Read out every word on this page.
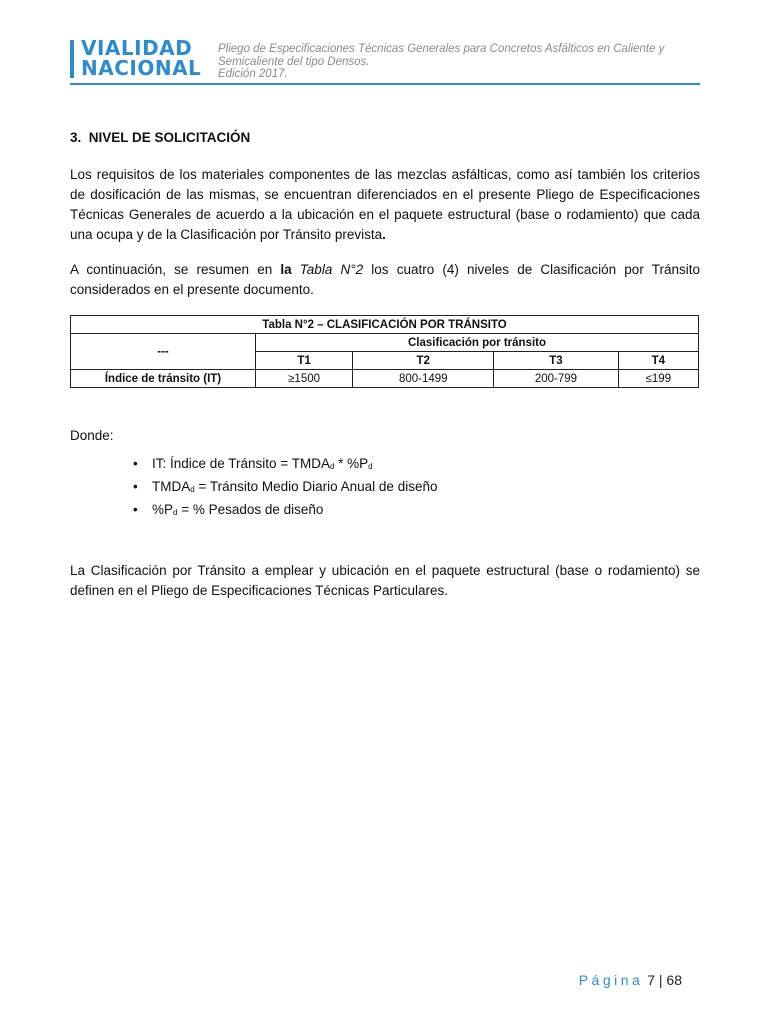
VIALIDAD
NACIONAL
Pliego de Especificaciones Técnicas Generales para Concretos Asfálticos en Caliente y
Semicaliente del tipo Densos.
Edición 2017.
3. NIVEL DE SOLICITACIÓN

Los requisitos de los materiales componentes de las mezclas asfálticas, como así también los criterios de dosificación de las mismas, se encuentran diferenciados en el presente Pliego de Especificaciones Técnicas Generales de acuerdo a la ubicación en el paquete estructural (base o rodamiento) que cada una ocupa y de la Clasificación por Tránsito prevista.

A continuación, se resumen en la Tabla N°2 los cuatro (4) niveles de Clasificación por Tránsito considerados en el presente documento.

Tabla N°2 – CLASIFICACIÓN POR TRÁNSITO				
---	Clasificación por tránsito			
	T1	T2	T3	T4
Índice de tránsito (IT)	≥1500	800-1499	200-799	≤199
Donde:
• IT: Índice de Tránsito = $TMDA_d * \%P_d$
• $TMDA_d$ = Tránsito Medio Diario Anual de diseño
• $\%P_d$ = % Pesados de diseño

La Clasificación por Tránsito a emplear y ubicación en el paquete estructural (base o rodamiento) se definen en el Pliego de Especificaciones Técnicas Particulares.

Página 7 | 68
